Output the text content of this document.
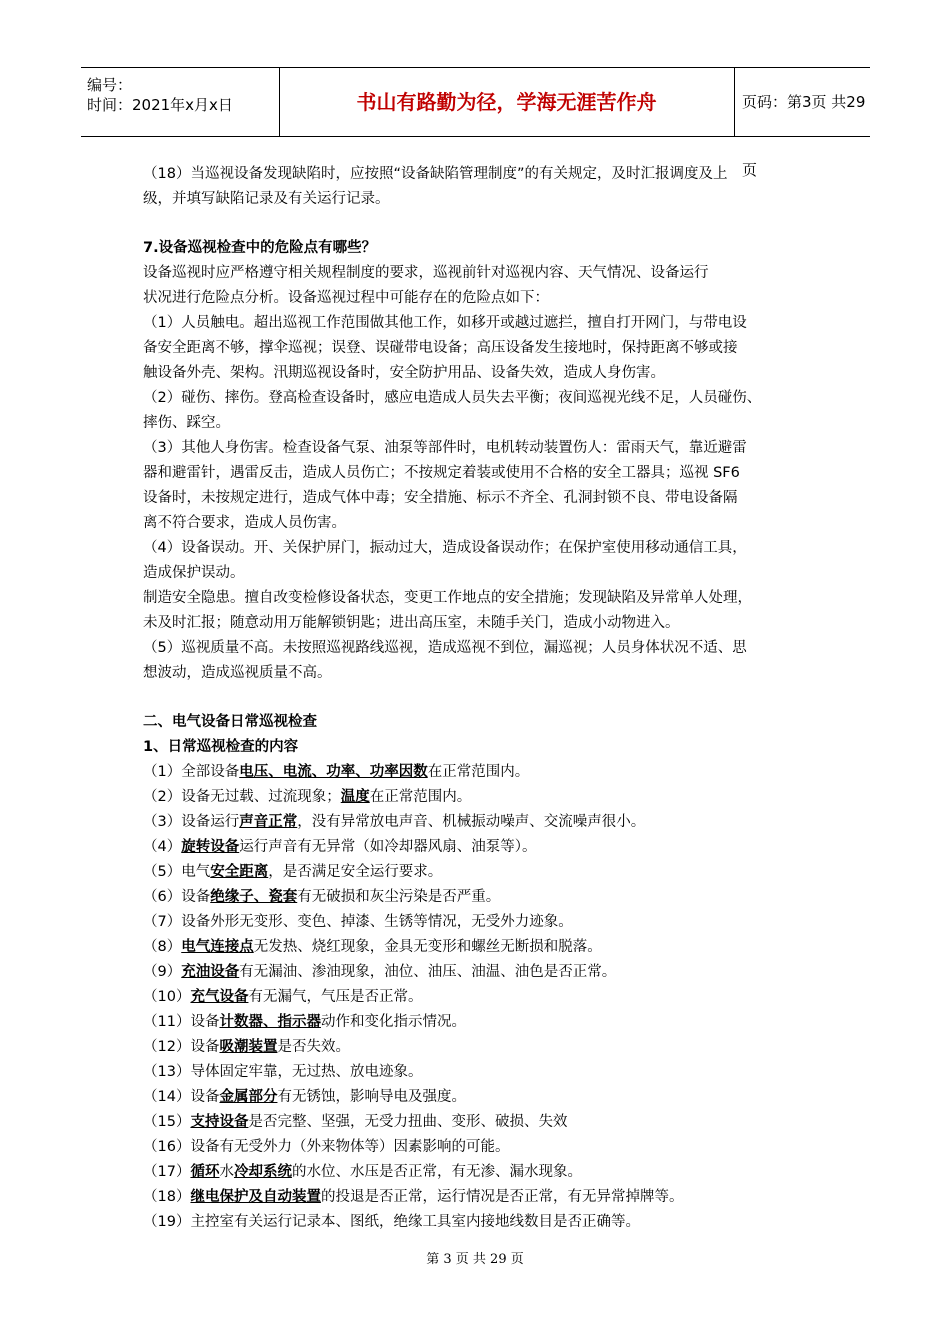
编号：
时间：2021年x月x日	书山有路勤为径，学海无涯苦作舟	页码：第3页 共29页
（18）当巡视设备发现缺陷时，应按照“设备缺陷管理制度”的有关规定，及时汇报调度及上
级，并填写缺陷记录及有关运行记录。
7.设备巡视检查中的危险点有哪些？
设备巡视时应严格遵守相关规程制度的要求，巡视前针对巡视内容、天气情况、设备运行
状况进行危险点分析。设备巡视过程中可能存在的危险点如下：
（1）人员触电。超出巡视工作范围做其他工作，如移开或越过遮拦，擅自打开网门，与带电设
备安全距离不够，撑伞巡视；误登、误碰带电设备；高压设备发生接地时，保持距离不够或接
触设备外壳、架构。汛期巡视设备时，安全防护用品、设备失效，造成人身伤害。
（2）碰伤、摔伤。登高检查设备时，感应电造成人员失去平衡；夜间巡视光线不足，人员碰伤、
摔伤、踩空。
（3）其他人身伤害。检查设备气泵、油泵等部件时，电机转动装置伤人：雷雨天气，靠近避雷
器和避雷针，遇雷反击，造成人员伤亡；不按规定着装或使用不合格的安全工器具；巡视 SF6
设备时，未按规定进行，造成气体中毒；安全措施、标示不齐全、孔洞封锁不良、带电设备隔
离不符合要求，造成人员伤害。
（4）设备误动。开、关保护屏门，振动过大，造成设备误动作；在保护室使用移动通信工具，
造成保护误动。
制造安全隐患。擅自改变检修设备状态，变更工作地点的安全措施；发现缺陷及异常单人处理，
未及时汇报；随意动用万能解锁钥匙；进出高压室，未随手关门，造成小动物进入。
（5）巡视质量不高。未按照巡视路线巡视，造成巡视不到位，漏巡视；人员身体状况不适、思
想波动，造成巡视质量不高。
二、电气设备日常巡视检查
1、日常巡视检查的内容
（1）全部设备电压、电流、功率、功率因数在正常范围内。
（2）设备无过载、过流现象；温度在正常范围内。
（3）设备运行声音正常，没有异常放电声音、机械振动噪声、交流噪声很小。
（4）旋转设备运行声音有无异常（如冷却器风扇、油泵等）。
（5）电气安全距离，是否满足安全运行要求。
（6）设备绝缘子、瓷套有无破损和灰尘污染是否严重。
（7）设备外形无变形、变色、掉漆、生锈等情况，无受外力迹象。
（8）电气连接点无发热、烧红现象，金具无变形和螺丝无断损和脱落。
（9）充油设备有无漏油、渗油现象，油位、油压、油温、油色是否正常。
（10）充气设备有无漏气，气压是否正常。
（11）设备计数器、指示器动作和变化指示情况。
（12）设备吸潮装置是否失效。
（13）导体固定牢靠，无过热、放电迹象。
（14）设备金属部分有无锈蚀，影响导电及强度。
（15）支持设备是否完整、坚强，无受力扭曲、变形、破损、失效
（16）设备有无受外力（外来物体等）因素影响的可能。
（17）循环水冷却系统的水位、水压是否正常，有无渗、漏水现象。
（18）继电保护及自动装置的投退是否正常，运行情况是否正常，有无异常掉牌等。
（19）主控室有关运行记录本、图纸，绝缘工具室内接地线数目是否正确等。
第 3 页 共 29 页
